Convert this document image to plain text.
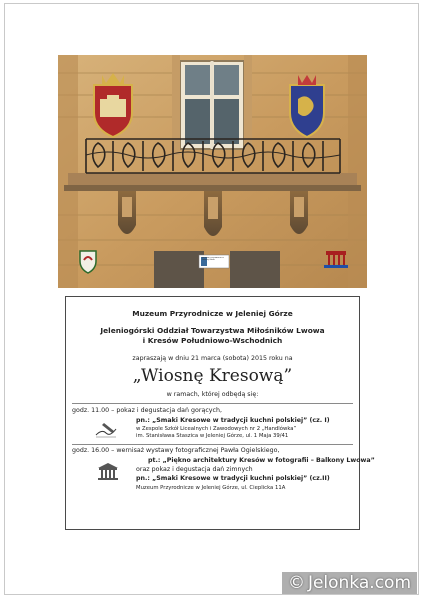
Muzeum Przyrodnicze w Jeleniej Górze
Muzeum Przyrodnicze w Jeleniej Górze
Jeleniogórski Oddział Towarzystwa Miłośników Lwowa
i Kresów Południowo-Wschodnich
zapraszają w dniu 21 marca (sobota) 2015 roku na
„Wiosnę Kresową”
w ramach, której odbędą się:
godz. 11.00 – pokaz i degustacja dań gorących,
pn.: „Smaki Kresowe w tradycji kuchni polskiej” (cz. I)
w Zespole Szkół Licealnych i Zawodowych nr 2 „Handlówka”
im. Stanisława Staszica w Jeleniej Górze, ul. 1 Maja 39/41
godz. 16.00 – wernisaż wystawy fotograficznej Pawła Ogielskiego,
pt.: „Piękno architektury Kresów w fotografii – Balkony Lwowa”
oraz pokaz i degustacja dań zimnych
pn.: „Smaki Kresowe w tradycji kuchni polskiej” (cz.II)
Muzeum Przyrodnicze w Jeleniej Górze, ul. Cieplicka 11A
© Jelonka.com
